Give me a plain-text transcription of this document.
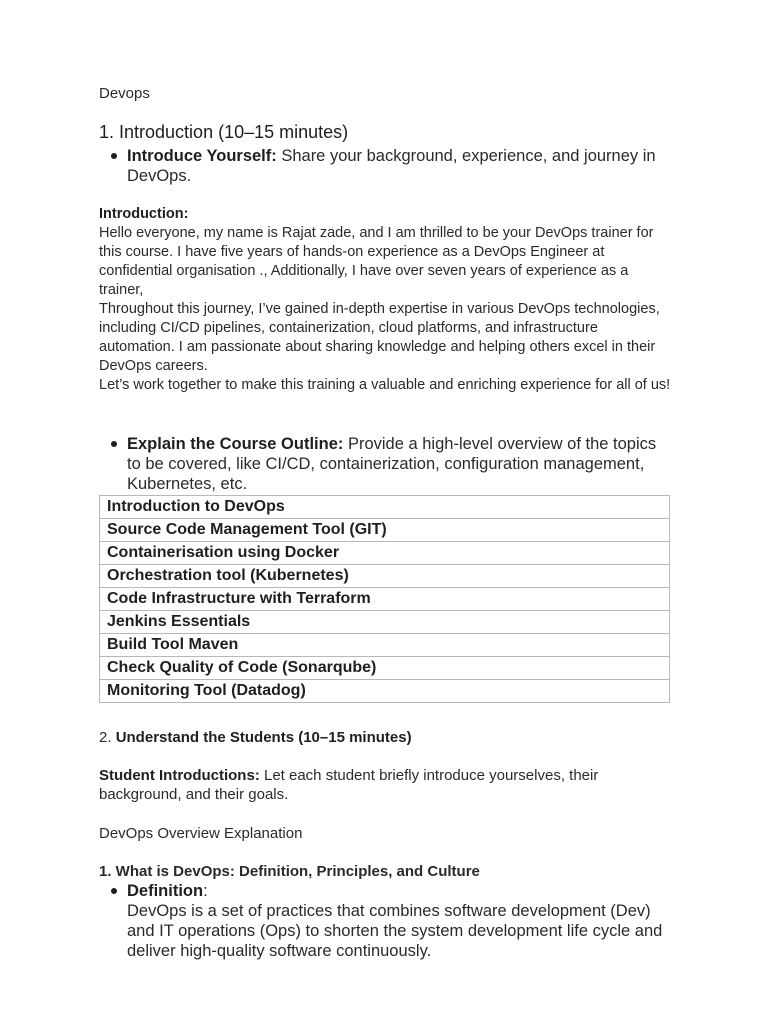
Devops
1. Introduction (10–15 minutes)
Introduce Yourself: Share your background, experience, and journey in DevOps.

Introduction:

Hello everyone, my name is Rajat zade, and I am thrilled to be your DevOps trainer for this course. I have five years of hands-on experience as a DevOps Engineer at confidential organisation ., Additionally, I have over seven years of experience as a trainer,

Throughout this journey, I’ve gained in-depth expertise in various DevOps technologies, including CI/CD pipelines, containerization, cloud platforms, and infrastructure automation. I am passionate about sharing knowledge and helping others excel in their DevOps careers.

Let’s work together to make this training a valuable and enriching experience for all of us!

Explain the Course Outline: Provide a high-level overview of the topics to be covered, like CI/CD, containerization, configuration management, Kubernetes, etc.
Introduction to DevOps
Source Code Management Tool (GIT)
Containerisation using Docker
Orchestration tool (Kubernetes)
Code Infrastructure with Terraform
Jenkins Essentials
Build Tool Maven
Check Quality of Code (Sonarqube)
Monitoring Tool (Datadog)
2. Understand the Students (10–15 minutes)
Student Introductions: Let each student briefly introduce yourselves, their background, and their goals.
DevOps Overview Explanation
1. What is DevOps: Definition, Principles, and Culture
Definition:
DevOps is a set of practices that combines software development (Dev) and IT operations (Ops) to shorten the system development life cycle and deliver high-quality software continuously.
